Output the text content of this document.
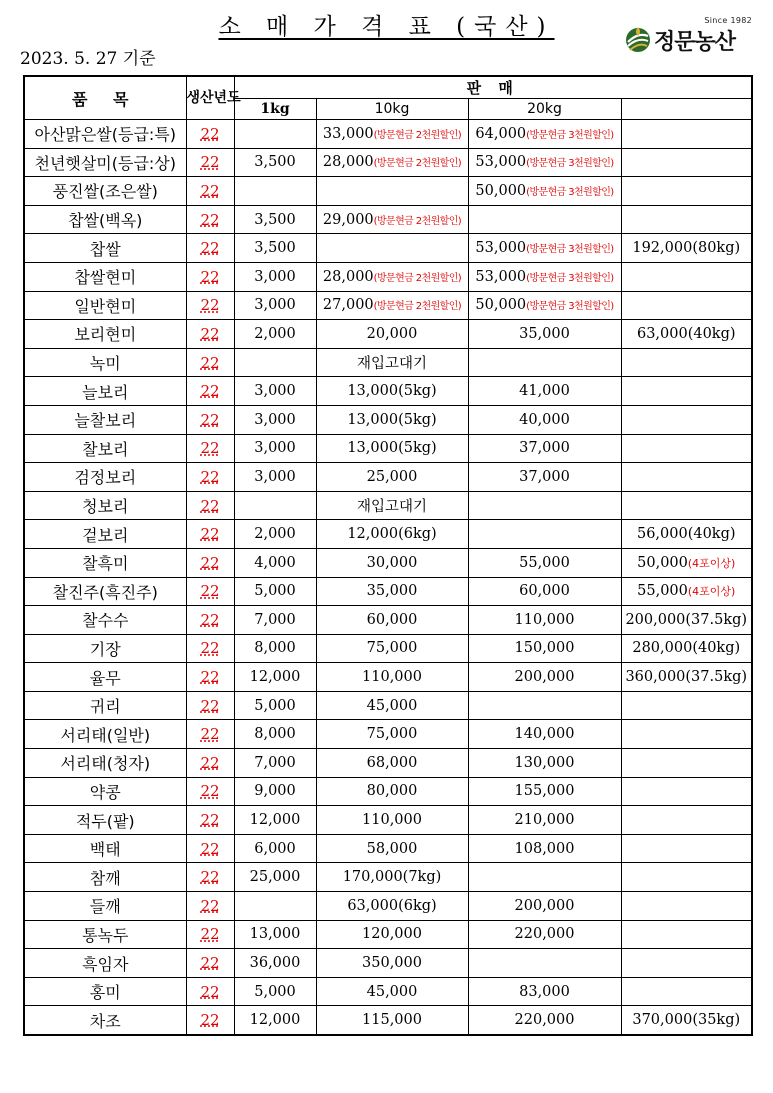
소 매 가 격 표 (국산)
2023. 5. 27 기준
Since 1982
정문농산
품 목	생산년도	판 매			
		1kg	10kg	20kg	
아산맑은쌀(등급:특)	22		33,000(방문현금 2천원할인)	64,000(방문현금 3천원할인)	
천년햇살미(등급:상)	22	3,500	28,000(방문현금 2천원할인)	53,000(방문현금 3천원할인)	
풍진쌀(조은쌀)	22			50,000(방문현금 3천원할인)	
찹쌀(백옥)	22	3,500	29,000(방문현금 2천원할인)		
찹쌀	22	3,500		53,000(방문현금 3천원할인)	192,000(80kg)
찹쌀현미	22	3,000	28,000(방문현금 2천원할인)	53,000(방문현금 3천원할인)	
일반현미	22	3,000	27,000(방문현금 2천원할인)	50,000(방문현금 3천원할인)	
보리현미	22	2,000	20,000	35,000	63,000(40kg)
녹미	22		재입고대기		
늘보리	22	3,000	13,000(5kg)	41,000	
늘찰보리	22	3,000	13,000(5kg)	40,000	
찰보리	22	3,000	13,000(5kg)	37,000	
검정보리	22	3,000	25,000	37,000	
청보리	22		재입고대기		
겉보리	22	2,000	12,000(6kg)		56,000(40kg)
찰흑미	22	4,000	30,000	55,000	50,000(4포이상)
찰진주(흑진주)	22	5,000	35,000	60,000	55,000(4포이상)
찰수수	22	7,000	60,000	110,000	200,000(37.5kg)
기장	22	8,000	75,000	150,000	280,000(40kg)
율무	22	12,000	110,000	200,000	360,000(37.5kg)
귀리	22	5,000	45,000		
서리태(일반)	22	8,000	75,000	140,000	
서리태(청자)	22	7,000	68,000	130,000	
약콩	22	9,000	80,000	155,000	
적두(팥)	22	12,000	110,000	210,000	
백태	22	6,000	58,000	108,000	
참깨	22	25,000	170,000(7kg)		
들깨	22		63,000(6kg)	200,000	
통녹두	22	13,000	120,000	220,000	
흑임자	22	36,000	350,000		
홍미	22	5,000	45,000	83,000	
차조	22	12,000	115,000	220,000	370,000(35kg)
